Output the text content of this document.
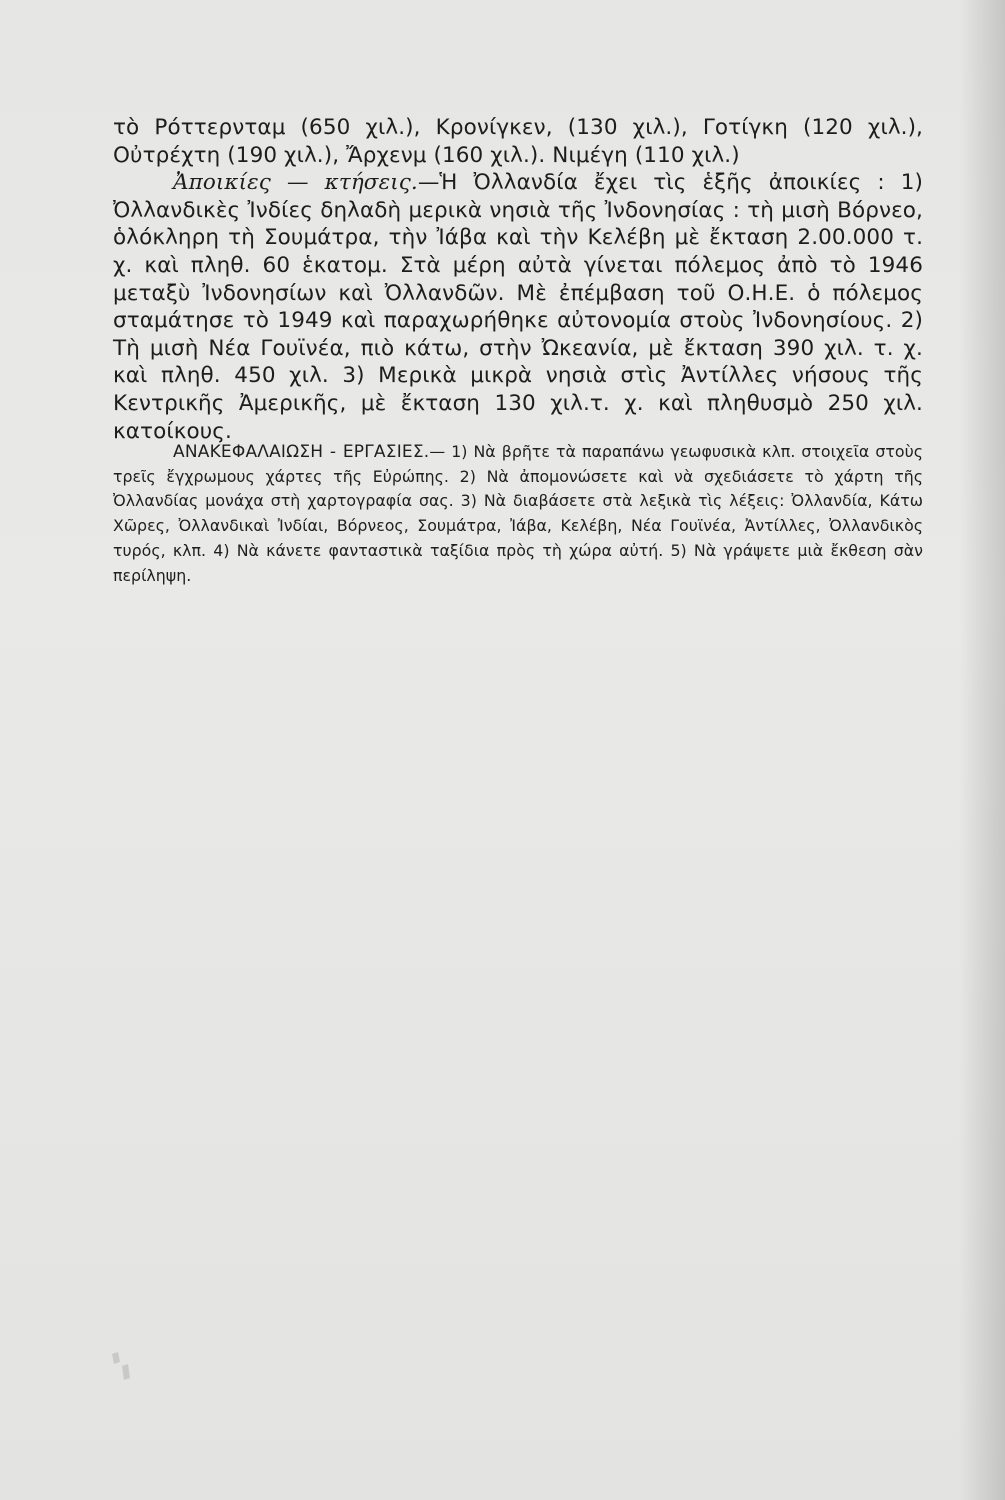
τὸ Ρόττερνταμ (650 χιλ.), Κρονίγκεν, (130 χιλ.), Γοτίγκη (120 χιλ.), Οὐτρέχτη (190 χιλ.), Ἄρχενμ (160 χιλ.). Νιμέγη (110 χιλ.)

Ἀποικίες — κτήσεις.—Ἡ Ὀλλανδία ἔχει τὶς ἑξῆς ἀποικίες : 1) Ὀλλανδικὲς Ἰνδίες δηλαδὴ μερικὰ νησιὰ τῆς Ἰνδονησίας : τὴ μισὴ Βόρνεο, ὁλόκληρη τὴ Σουμάτρα, τὴν Ἰάβα καὶ τὴν Κελέβη μὲ ἔκταση 2.00.000 τ. χ. καὶ πληθ. 60 ἑκατομ. Στὰ μέρη αὐτὰ γίνεται πόλεμος ἀπὸ τὸ 1946 μεταξὺ Ἰνδονησίων καὶ Ὀλλανδῶν. Μὲ ἐπέμβαση τοῦ Ο.Η.Ε. ὁ πόλεμος σταμάτησε τὸ 1949 καὶ παραχωρήθηκε αὐτονομία στοὺς Ἰνδονησίους. 2) Τὴ μισὴ Νέα Γουϊνέα, πιὸ κάτω, στὴν Ὠκεανία, μὲ ἔκταση 390 χιλ. τ. χ. καὶ πληθ. 450 χιλ. 3) Μερικὰ μικρὰ νησιὰ στὶς Ἀντίλλες νήσους τῆς Κεντρικῆς Ἀμερικῆς, μὲ ἔκταση 130 χιλ.τ. χ. καὶ πληθυσμὸ 250 χιλ. κατοίκους.

ΑΝΑΚΕΦΑΛΑΙΩΣΗ - ΕΡΓΑΣΙΕΣ.— 1) Νὰ βρῆτε τὰ παραπάνω γεωφυσικὰ κλπ. στοιχεῖα στοὺς τρεῖς ἔγχρωμους χάρτες τῆς Εὐρώπης. 2) Νὰ ἀπομονώσετε καὶ νὰ σχεδιάσετε τὸ χάρτη τῆς Ὀλλανδίας μονάχα στὴ χαρτογραφία σας. 3) Νὰ διαβάσετε στὰ λεξικὰ τὶς λέξεις: Ὀλλανδία, Κάτω Χῶρες, Ὀλλανδικαὶ Ἰνδίαι, Βόρνεος, Σουμάτρα, Ἰάβα, Κελέβη, Νέα Γουϊνέα, Ἀντίλλες, Ὀλλανδικὸς τυρός, κλπ. 4) Νὰ κάνετε φανταστικὰ ταξίδια πρὸς τὴ χώρα αὐτή. 5) Νὰ γράψετε μιὰ ἔκθεση σὰν περίληψη.
